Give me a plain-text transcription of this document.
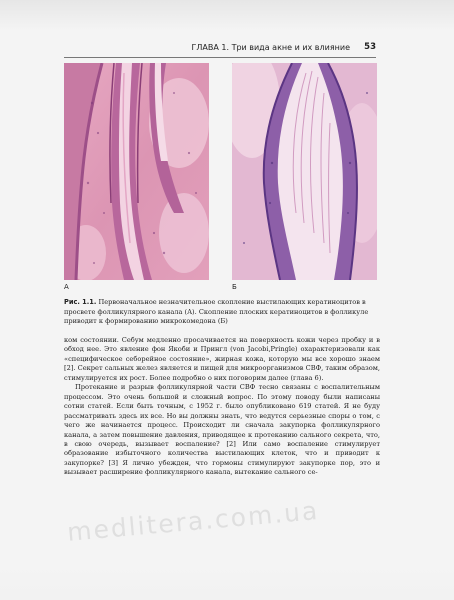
ГЛАВА 1. Три вида акне и их влияние 53
А	Б
Рис. 1.1. Первоначальное незначительное скопление выстилающих кератиноцитов в просвете фолликулярного канала (А). Скопление плоских кератиноцитов в фолликуле приводит к формированию микрокомедона (Б)

ком состоянии. Себум медленно просачивается на поверхность кожи через пробку и в обход нее. Это явление фон Якоби и Прингл (von Jacobi,Pringle) охарактеризовали как «специфическое себорейное состояние», жирная кожа, которую мы все хорошо знаем [2]. Секрет сальных желез является и пищей для микроорганизмов СВФ, таким образом, стимулируется их рост. Более подробно о них поговорим далее (глава 6).

Протекание и разрыв фолликулярной части СВФ тесно связаны с воспалительным процессом. Это очень большой и сложный вопрос. По этому поводу были написаны сотни статей. Если быть точным, с 1952 г. было опубликовано 619 статей. Я не буду рассматривать здесь их все. Но вы должны знать, что ведутся серьезные споры о том, с чего же начинается процесс. Происходит ли сначала закупорка фолликулярного канала, а затем повышение давления, приводящее к протеканию сального секрета, что, в свою очередь, вызывает воспаление? [2] Или само воспаление стимулирует образование избыточного количества выстилающих клеток, что и приводит к закупорке? [3] Я лично убежден, что гормоны стимулируют закупорке пор, это и вызывает расширение фолликулярного канала, вытекание сального се-

medlitera.com.ua
